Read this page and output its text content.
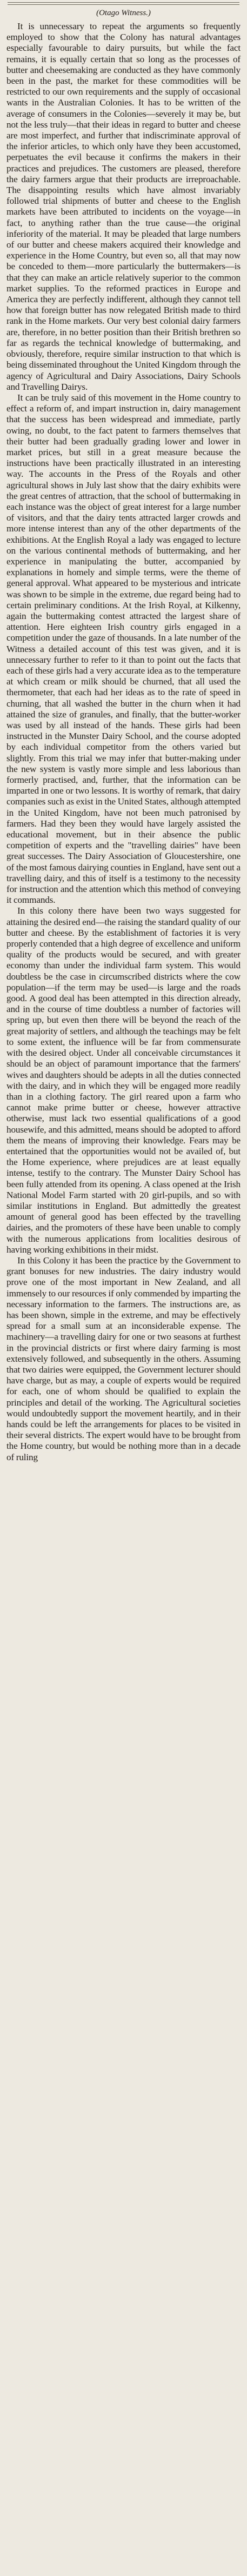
(Otago Witness.)

It is unnecessary to repeat the arguments so frequently employed to show that the Colony has natural advantages especially favourable to dairy pursuits, but while the fact remains, it is equally certain that so long as the processes of butter and cheesemaking are conducted as they have commonly been in the past, the market for these commodities will be restricted to our own requirements and the supply of occasional wants in the Australian Colonies. It has to be written of the average of consumers in the Colonies—severely it may be, but not the less truly—that their ideas in regard to butter and cheese are most imperfect, and further that indiscriminate approval of the inferior articles, to which only have they been accustomed, perpetuates the evil because it confirms the makers in their practices and prejudices. The customers are pleased, therefore the dairy farmers argue that their products are irreproachable. The disappointing results which have almost invariably followed trial shipments of butter and cheese to the English markets have been attributed to incidents on the voyage—in fact, to anything rather than the true cause—the original inferiority of the material. It may be pleaded that large numbers of our butter and cheese makers acquired their knowledge and experience in the Home Country, but even so, all that may now be conceded to them—more particularly the buttermakers—is that they can make an article relatively superior to the common market supplies. To the reformed practices in Europe and America they are perfectly indifferent, although they cannot tell how that foreign butter has now relegated British made to third rank in the Home markets. Our very best colonial dairy farmers are, therefore, in no better position than their British brethren so far as regards the technical knowledge of buttermaking, and obviously, therefore, require similar instruction to that which is being disseminated throughout the United Kingdom through the agency of Agricultural and Dairy Associations, Dairy Schools and Travelling Dairys.

It can be truly said of this movement in the Home country to effect a reform of, and impart instruction in, dairy management that the success has been widespread and immediate, partly owing, no doubt, to the fact patent to farmers themselves that their butter had been gradually grading lower and lower in market prices, but still in a great measure because the instructions have been practically illustrated in an interesting way. The accounts in the Press of the Royals and other agricultural shows in July last show that the dairy exhibits were the great centres of attraction, that the school of buttermaking in each instance was the object of great interest for a large number of visitors, and that the dairy tents attracted larger crowds and more intense interest than any of the other departments of the exhibitions. At the English Royal a lady was engaged to lecture on the various continental methods of buttermaking, and her experience in manipulating the butter, accompanied by explanations in homely and simple terms, were the theme of general approval. What appeared to be mysterious and intricate was shown to be simple in the extreme, due regard being had to certain preliminary conditions. At the Irish Royal, at Kilkenny, again the buttermaking contest attracted the largest share of attention. Here eighteen Irish country girls engaged in a competition under the gaze of thousands. In a late number of the Witness a detailed account of this test was given, and it is unnecessary further to refer to it than to point out the facts that each of these girls had a very accurate idea as to the temperature at which cream or milk should be churned, that all used the thermometer, that each had her ideas as to the rate of speed in churning, that all washed the butter in the churn when it had attained the size of granules, and finally, that the butter-worker was used by all instead of the hands. These girls had been instructed in the Munster Dairy School, and the course adopted by each individual competitor from the others varied but slightly. From this trial we may infer that butter-making under the new system is vastly more simple and less laborious than formerly practised, and, further, that the information can be imparted in one or two lessons. It is worthy of remark, that dairy companies such as exist in the United States, although attempted in the United Kingdom, have not been much patronised by farmers. Had they been they would have largely assisted the educational movement, but in their absence the public competition of experts and the "travelling dairies" have been great successes. The Dairy Association of Gloucestershire, one of the most famous dairying counties in England, have sent out a travelling dairy, and this of itself is a testimony to the necessity for instruction and the attention which this method of conveying it commands.

In this colony there have been two ways suggested for attaining the desired end—the raising the standard quality of our butter and cheese. By the establishment of factories it is very properly contended that a high degree of excellence and uniform quality of the products would be secured, and with greater economy than under the individual farm system. This would doubtless be the case in circumscribed districts where the cow population—if the term may be used—is large and the roads good. A good deal has been attempted in this direction already, and in the course of time doubtless a number of factories will spring up, but even then there will be beyond the reach of the great majority of settlers, and although the teachings may be felt to some extent, the influence will be far from commensurate with the desired object. Under all conceivable circumstances it should be an object of paramount importance that the farmers' wives and daughters should be adepts in all the duties connected with the dairy, and in which they will be engaged more readily than in a clothing factory. The girl reared upon a farm who cannot make prime butter or cheese, however attractive otherwise, must lack two essential qualifications of a good housewife, and this admitted, means should be adopted to afford them the means of improving their knowledge. Fears may be entertained that the opportunities would not be availed of, but the Home experience, where prejudices are at least equally intense, testify to the contrary. The Munster Dairy School has been fully attended from its opening. A class opened at the Irish National Model Farm started with 20 girl-pupils, and so with similar institutions in England. But admittedly the greatest amount of general good has been effected by the travelling dairies, and the promoters of these have been unable to comply with the numerous applications from localities desirous of having working exhibitions in their midst.

In this Colony it has been the practice by the Government to grant bonuses for new industries. The dairy industry would prove one of the most important in New Zealand, and all immensely to our resources if only commended by imparting the necessary information to the farmers. The instructions are, as has been shown, simple in the extreme, and may be effectively spread for a small sum at an inconsiderable expense. The machinery—a travelling dairy for one or two seasons at furthest in the provincial districts or first where dairy farming is most extensively followed, and subsequently in the others. Assuming that two dairies were equipped, the Government lecturer should have charge, but as may, a couple of experts would be required for each, one of whom should be qualified to explain the principles and detail of the working. The Agricultural societies would undoubtedly support the movement heartily, and in their hands could be left the arrangements for places to be visited in their several districts. The expert would have to be brought from the Home country, but would be nothing more than in a decade of ruling
